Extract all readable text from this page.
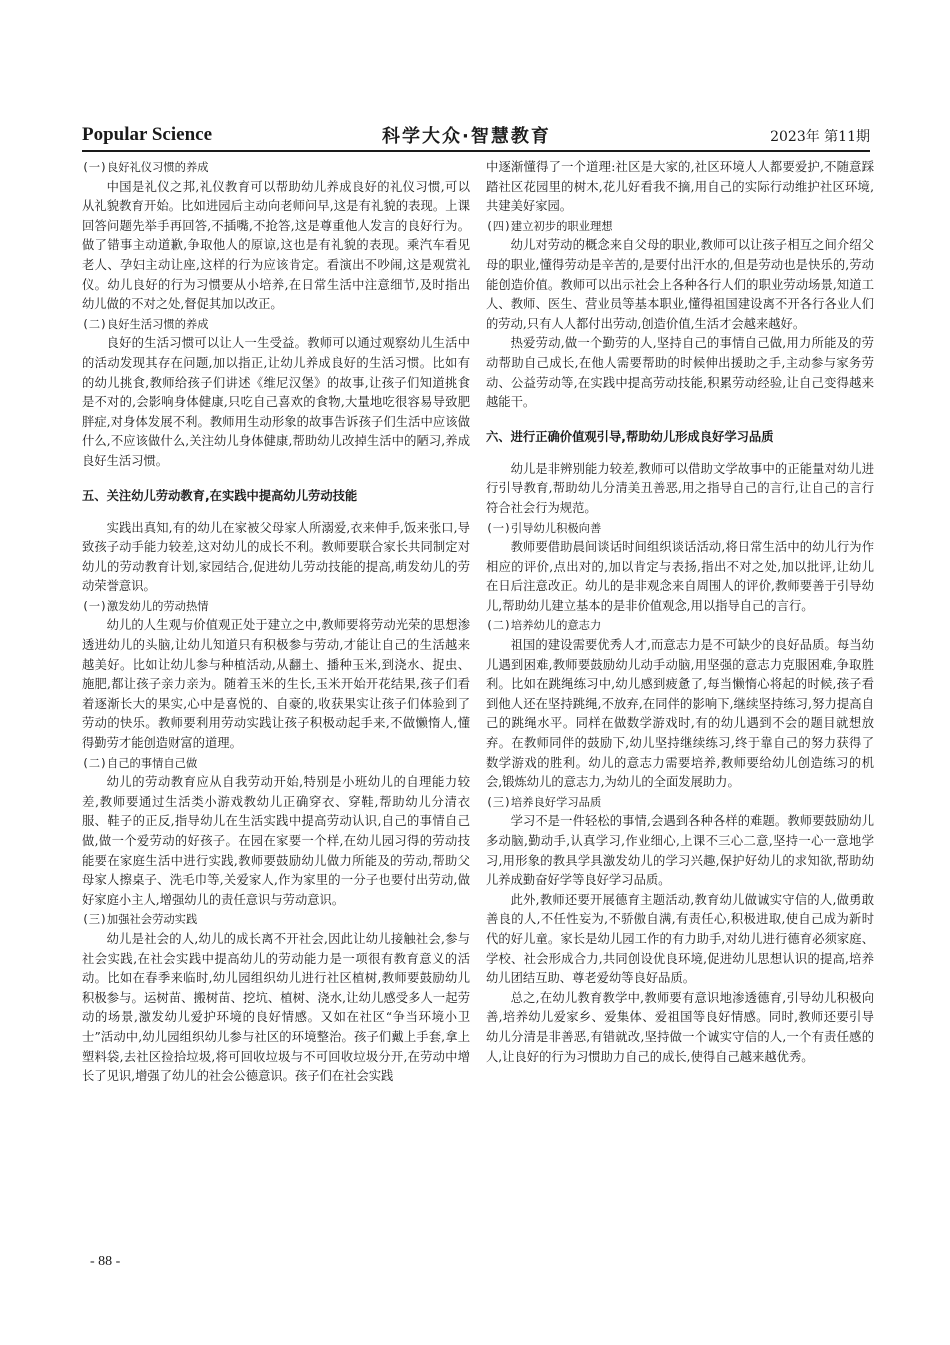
Popular Science	科学大众·智慧教育	2023年 第11期
(一)良好礼仪习惯的养成

中国是礼仪之邦,礼仪教育可以帮助幼儿养成良好的礼仪习惯,可以从礼貌教育开始。比如进园后主动向老师问早,这是有礼貌的表现。上课回答问题先举手再回答,不插嘴,不抢答,这是尊重他人发言的良好行为。做了错事主动道歉,争取他人的原谅,这也是有礼貌的表现。乘汽车看见老人、孕妇主动让座,这样的行为应该肯定。看演出不吵闹,这是观赏礼仪。幼儿良好的行为习惯要从小培养,在日常生活中注意细节,及时指出幼儿做的不对之处,督促其加以改正。

(二)良好生活习惯的养成

良好的生活习惯可以让人一生受益。教师可以通过观察幼儿生活中的活动发现其存在问题,加以指正,让幼儿养成良好的生活习惯。比如有的幼儿挑食,教师给孩子们讲述《维尼汉堡》的故事,让孩子们知道挑食是不对的,会影响身体健康,只吃自己喜欢的食物,大量地吃很容易导致肥胖症,对身体发展不利。教师用生动形象的故事告诉孩子们生活中应该做什么,不应该做什么,关注幼儿身体健康,帮助幼儿改掉生活中的陋习,养成良好生活习惯。

五、关注幼儿劳动教育,在实践中提高幼儿劳动技能

实践出真知,有的幼儿在家被父母家人所溺爱,衣来伸手,饭来张口,导致孩子动手能力较差,这对幼儿的成长不利。教师要联合家长共同制定对幼儿的劳动教育计划,家园结合,促进幼儿劳动技能的提高,萌发幼儿的劳动荣誉意识。

(一)激发幼儿的劳动热情

幼儿的人生观与价值观正处于建立之中,教师要将劳动光荣的思想渗透进幼儿的头脑,让幼儿知道只有积极参与劳动,才能让自己的生活越来越美好。比如让幼儿参与种植活动,从翻土、播种玉米,到浇水、捉虫、施肥,都让孩子亲力亲为。随着玉米的生长,玉米开始开花结果,孩子们看着逐渐长大的果实,心中是喜悦的、自豪的,收获果实让孩子们体验到了劳动的快乐。教师要利用劳动实践让孩子积极动起手来,不做懒惰人,懂得勤劳才能创造财富的道理。

(二)自己的事情自己做

幼儿的劳动教育应从自我劳动开始,特别是小班幼儿的自理能力较差,教师要通过生活类小游戏教幼儿正确穿衣、穿鞋,帮助幼儿分清衣服、鞋子的正反,指导幼儿在生活实践中提高劳动认识,自己的事情自己做,做一个爱劳动的好孩子。在园在家要一个样,在幼儿园习得的劳动技能要在家庭生活中进行实践,教师要鼓励幼儿做力所能及的劳动,帮助父母家人擦桌子、洗毛巾等,关爱家人,作为家里的一分子也要付出劳动,做好家庭小主人,增强幼儿的责任意识与劳动意识。

(三)加强社会劳动实践

幼儿是社会的人,幼儿的成长离不开社会,因此让幼儿接触社会,参与社会实践,在社会实践中提高幼儿的劳动能力是一项很有教育意义的活动。比如在春季来临时,幼儿园组织幼儿进行社区植树,教师要鼓励幼儿积极参与。运树苗、搬树苗、挖坑、植树、浇水,让幼儿感受多人一起劳动的场景,激发幼儿爱护环境的良好情感。又如在社区“争当环境小卫士”活动中,幼儿园组织幼儿参与社区的环境整治。孩子们戴上手套,拿上塑料袋,去社区捡拾垃圾,将可回收垃圾与不可回收垃圾分开,在劳动中增长了见识,增强了幼儿的社会公德意识。孩子们在社会实践

中逐渐懂得了一个道理:社区是大家的,社区环境人人都要爱护,不随意踩踏社区花园里的树木,花儿好看我不摘,用自己的实际行动维护社区环境,共建美好家园。

(四)建立初步的职业理想

幼儿对劳动的概念来自父母的职业,教师可以让孩子相互之间介绍父母的职业,懂得劳动是辛苦的,是要付出汗水的,但是劳动也是快乐的,劳动能创造价值。教师可以出示社会上各种各行人们的职业劳动场景,知道工人、教师、医生、营业员等基本职业,懂得祖国建设离不开各行各业人们的劳动,只有人人都付出劳动,创造价值,生活才会越来越好。

热爱劳动,做一个勤劳的人,坚持自己的事情自己做,用力所能及的劳动帮助自己成长,在他人需要帮助的时候伸出援助之手,主动参与家务劳动、公益劳动等,在实践中提高劳动技能,积累劳动经验,让自己变得越来越能干。

六、进行正确价值观引导,帮助幼儿形成良好学习品质

幼儿是非辨别能力较差,教师可以借助文学故事中的正能量对幼儿进行引导教育,帮助幼儿分清美丑善恶,用之指导自己的言行,让自己的言行符合社会行为规范。

(一)引导幼儿积极向善

教师要借助晨间谈话时间组织谈话活动,将日常生活中的幼儿行为作相应的评价,点出对的,加以肯定与表扬,指出不对之处,加以批评,让幼儿在日后注意改正。幼儿的是非观念来自周围人的评价,教师要善于引导幼儿,帮助幼儿建立基本的是非价值观念,用以指导自己的言行。

(二)培养幼儿的意志力

祖国的建设需要优秀人才,而意志力是不可缺少的良好品质。每当幼儿遇到困难,教师要鼓励幼儿动手动脑,用坚强的意志力克服困难,争取胜利。比如在跳绳练习中,幼儿感到疲惫了,每当懒惰心将起的时候,孩子看到他人还在坚持跳绳,不放弃,在同伴的影响下,继续坚持练习,努力提高自己的跳绳水平。同样在做数学游戏时,有的幼儿遇到不会的题目就想放弃。在教师同伴的鼓励下,幼儿坚持继续练习,终于靠自己的努力获得了数学游戏的胜利。幼儿的意志力需要培养,教师要给幼儿创造练习的机会,锻炼幼儿的意志力,为幼儿的全面发展助力。

(三)培养良好学习品质

学习不是一件轻松的事情,会遇到各种各样的难题。教师要鼓励幼儿多动脑,勤动手,认真学习,作业细心,上课不三心二意,坚持一心一意地学习,用形象的教具学具激发幼儿的学习兴趣,保护好幼儿的求知欲,帮助幼儿养成勤奋好学等良好学习品质。

此外,教师还要开展德育主题活动,教育幼儿做诚实守信的人,做勇敢善良的人,不任性妄为,不骄傲自满,有责任心,积极进取,使自己成为新时代的好儿童。家长是幼儿园工作的有力助手,对幼儿进行德育必须家庭、学校、社会形成合力,共同创设优良环境,促进幼儿思想认识的提高,培养幼儿团结互助、尊老爱幼等良好品质。

总之,在幼儿教育教学中,教师要有意识地渗透德育,引导幼儿积极向善,培养幼儿爱家乡、爱集体、爱祖国等良好情感。同时,教师还要引导幼儿分清是非善恶,有错就改,坚持做一个诚实守信的人,一个有责任感的人,让良好的行为习惯助力自己的成长,使得自己越来越优秀。

- 88 -
